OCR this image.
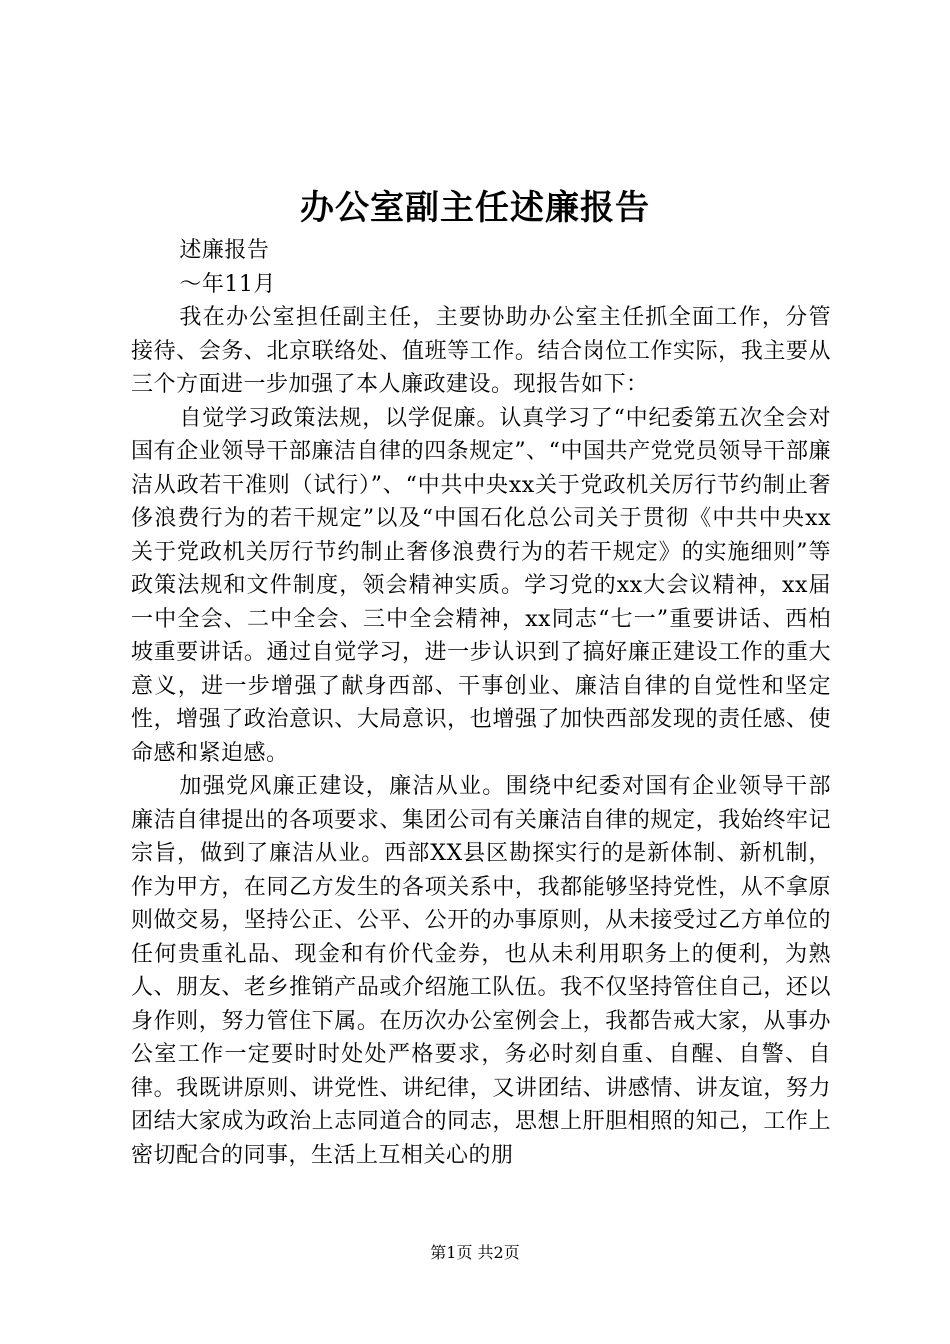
办公室副主任述廉报告

述廉报告

～年11月

我在办公室担任副主任，主要协助办公室主任抓全面工作，分管接待、会务、北京联络处、值班等工作。结合岗位工作实际，我主要从三个方面进一步加强了本人廉政建设。现报告如下：

自觉学习政策法规，以学促廉。认真学习了“中纪委第五次全会对国有企业领导干部廉洁自律的四条规定”、“中国共产党党员领导干部廉洁从政若干准则（试行）”、“中共中央xx关于党政机关厉行节约制止奢侈浪费行为的若干规定”以及“中国石化总公司关于贯彻《中共中央xx关于党政机关厉行节约制止奢侈浪费行为的若干规定》的实施细则”等政策法规和文件制度，领会精神实质。学习党的xx大会议精神，xx届一中全会、二中全会、三中全会精神，xx同志“七一”重要讲话、西柏坡重要讲话。通过自觉学习，进一步认识到了搞好廉正建设工作的重大意义，进一步增强了献身西部、干事创业、廉洁自律的自觉性和坚定性，增强了政治意识、大局意识，也增强了加快西部发现的责任感、使命感和紧迫感。

加强党风廉正建设，廉洁从业。围绕中纪委对国有企业领导干部廉洁自律提出的各项要求、集团公司有关廉洁自律的规定，我始终牢记宗旨，做到了廉洁从业。西部XX县区勘探实行的是新体制、新机制，作为甲方，在同乙方发生的各项关系中，我都能够坚持党性，从不拿原则做交易，坚持公正、公平、公开的办事原则，从未接受过乙方单位的任何贵重礼品、现金和有价代金券，也从未利用职务上的便利，为熟人、朋友、老乡推销产品或介绍施工队伍。我不仅坚持管住自己，还以身作则，努力管住下属。在历次办公室例会上，我都告戒大家，从事办公室工作一定要时时处处严格要求，务必时刻自重、自醒、自警、自律。我既讲原则、讲党性、讲纪律，又讲团结、讲感情、讲友谊，努力团结大家成为政治上志同道合的同志，思想上肝胆相照的知己，工作上密切配合的同事，生活上互相关心的朋

第1页 共2页
